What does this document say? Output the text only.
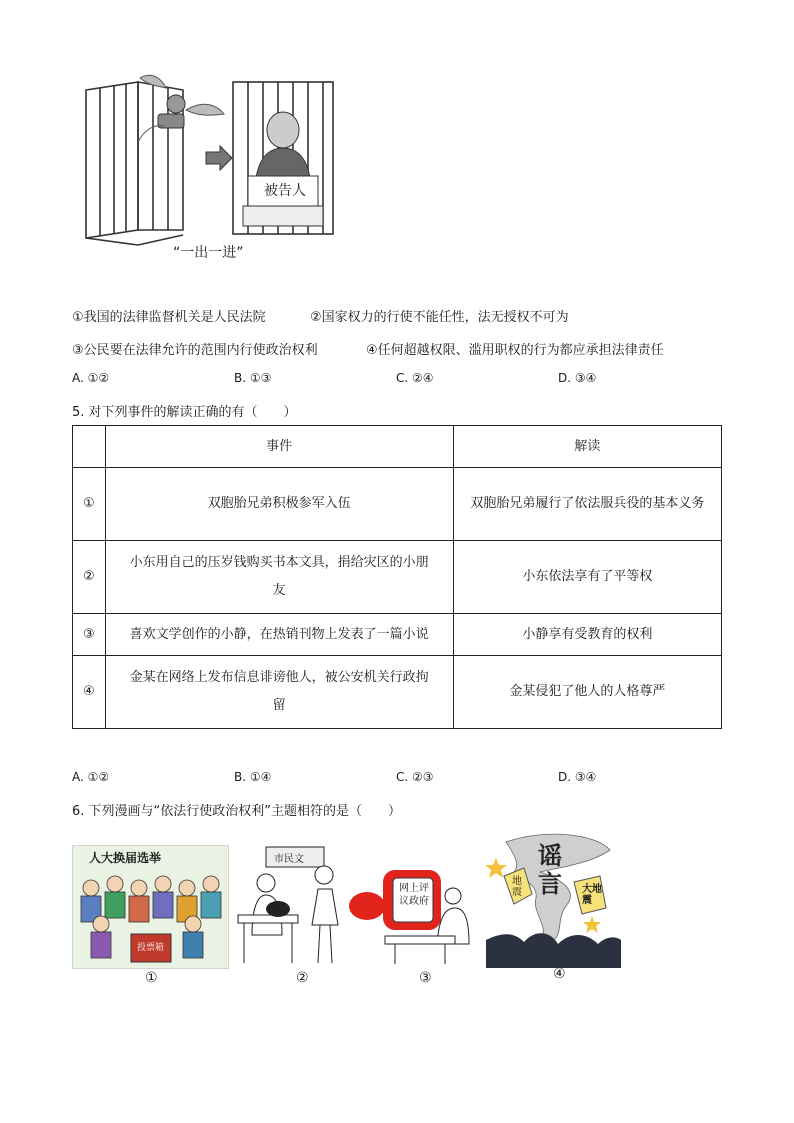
被告人
“一出一进”
①我国的法律监督机关是人民法院	②国家权力的行使不能任性，法无授权不可为
③公民要在法律允许的范围内行使政治权利	④任何超越权限、滥用职权的行为都应承担法律责任
A. ①②	B. ①③	C. ②④	D. ③④
5. 对下列事件的解读正确的有（　　）
	事件	解读
①	双胞胎兄弟积极参军入伍	双胞胎兄弟履行了依法服兵役的基本义务
②	小东用自己的压岁钱购买书本文具，捐给灾区的小朋友	小东依法享有了平等权
③	喜欢文学创作的小静，在热销刊物上发表了一篇小说	小静享有受教育的权利
④	金某在网络上发布信息诽谤他人，被公安机关行政拘留	金某侵犯了他人的人格尊严
A. ①②	B. ①④	C. ②③	D. ③④
6. 下列漫画与“依法行使政治权利”主题相符的是（　　）
人大换届选举
投票箱
①
市民文
②
网上评议政府
③
谣言
地震	大地震
④
